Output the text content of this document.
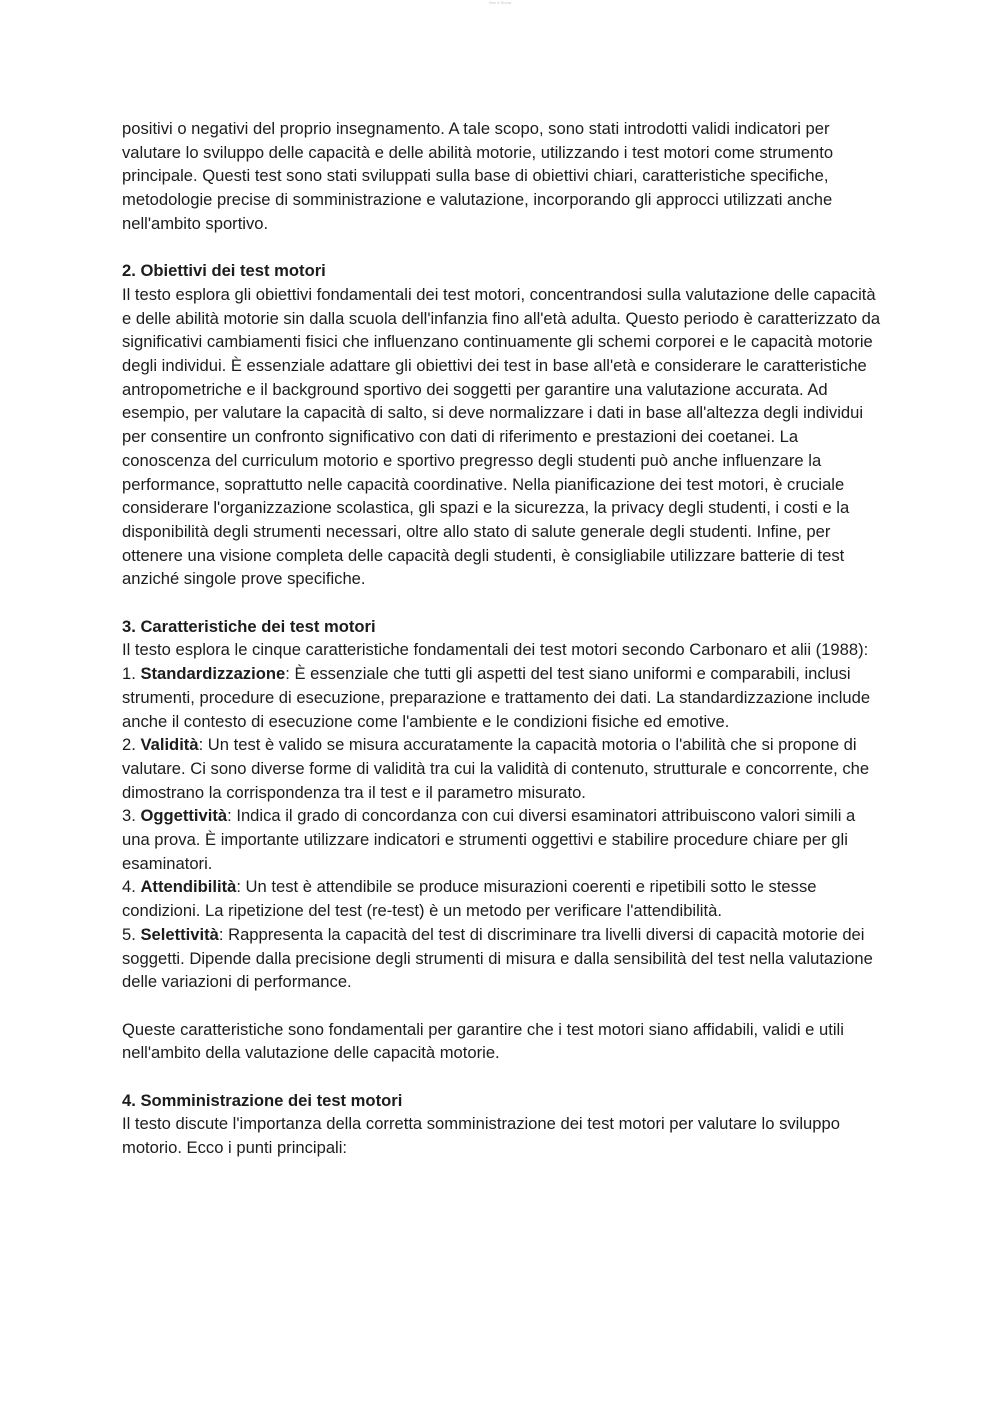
Non è Storia

positivi o negativi del proprio insegnamento. A tale scopo, sono stati introdotti validi indicatori per valutare lo sviluppo delle capacità e delle abilità motorie, utilizzando i test motori come strumento principale. Questi test sono stati sviluppati sulla base di obiettivi chiari, caratteristiche specifiche, metodologie precise di somministrazione e valutazione, incorporando gli approcci utilizzati anche nell'ambito sportivo.

2. Obiettivi dei test motori

Il testo esplora gli obiettivi fondamentali dei test motori, concentrandosi sulla valutazione delle capacità e delle abilità motorie sin dalla scuola dell'infanzia fino all'età adulta. Questo periodo è caratterizzato da significativi cambiamenti fisici che influenzano continuamente gli schemi corporei e le capacità motorie degli individui. È essenziale adattare gli obiettivi dei test in base all'età e considerare le caratteristiche antropometriche e il background sportivo dei soggetti per garantire una valutazione accurata. Ad esempio, per valutare la capacità di salto, si deve normalizzare i dati in base all'altezza degli individui per consentire un confronto significativo con dati di riferimento e prestazioni dei coetanei. La conoscenza del curriculum motorio e sportivo pregresso degli studenti può anche influenzare la performance, soprattutto nelle capacità coordinative. Nella pianificazione dei test motori, è cruciale considerare l'organizzazione scolastica, gli spazi e la sicurezza, la privacy degli studenti, i costi e la disponibilità degli strumenti necessari, oltre allo stato di salute generale degli studenti. Infine, per ottenere una visione completa delle capacità degli studenti, è consigliabile utilizzare batterie di test anziché singole prove specifiche.

3. Caratteristiche dei test motori

Il testo esplora le cinque caratteristiche fondamentali dei test motori secondo Carbonaro et alii (1988):

1. Standardizzazione: È essenziale che tutti gli aspetti del test siano uniformi e comparabili, inclusi strumenti, procedure di esecuzione, preparazione e trattamento dei dati. La standardizzazione include anche il contesto di esecuzione come l'ambiente e le condizioni fisiche ed emotive.

2. Validità: Un test è valido se misura accuratamente la capacità motoria o l'abilità che si propone di valutare. Ci sono diverse forme di validità tra cui la validità di contenuto, strutturale e concorrente, che dimostrano la corrispondenza tra il test e il parametro misurato.

3. Oggettività: Indica il grado di concordanza con cui diversi esaminatori attribuiscono valori simili a una prova. È importante utilizzare indicatori e strumenti oggettivi e stabilire procedure chiare per gli esaminatori.

4. Attendibilità: Un test è attendibile se produce misurazioni coerenti e ripetibili sotto le stesse condizioni. La ripetizione del test (re-test) è un metodo per verificare l'attendibilità.

5. Selettività: Rappresenta la capacità del test di discriminare tra livelli diversi di capacità motorie dei soggetti. Dipende dalla precisione degli strumenti di misura e dalla sensibilità del test nella valutazione delle variazioni di performance.

Queste caratteristiche sono fondamentali per garantire che i test motori siano affidabili, validi e utili nell'ambito della valutazione delle capacità motorie.

4. Somministrazione dei test motori

Il testo discute l'importanza della corretta somministrazione dei test motori per valutare lo sviluppo motorio. Ecco i punti principali:
